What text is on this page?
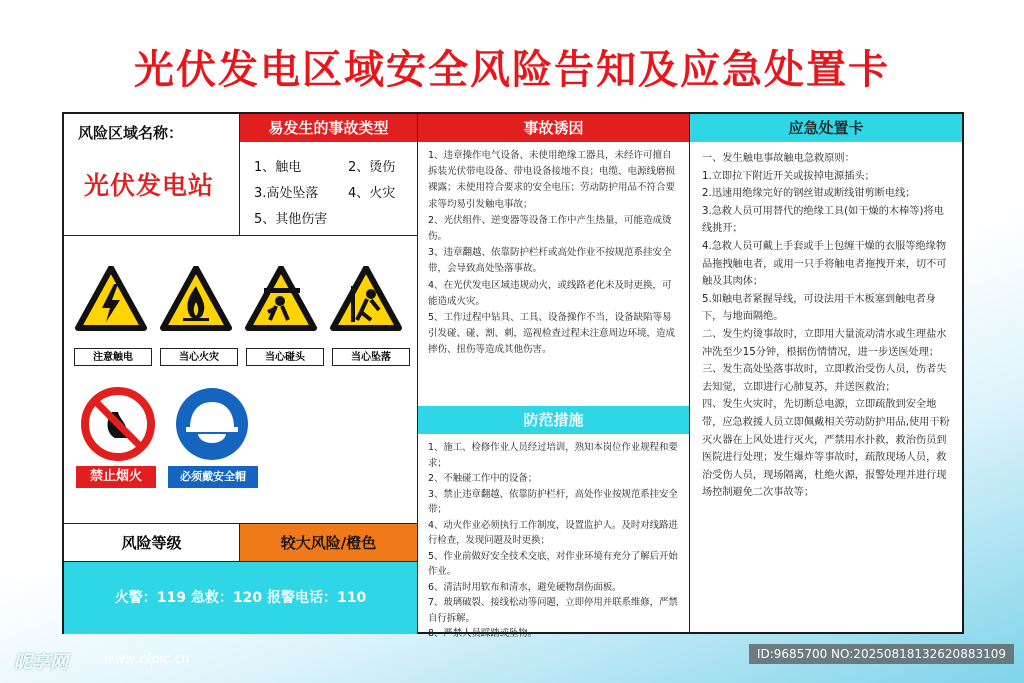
光伏发电区域安全风险告知及应急处置卡
风险区域名称：
光伏发电站
易发生的事故类型
1、触电	2、烫伤
3.高处坠落 4、火灾
5、其他伤害
注意触电	当心火灾	当心碰头	当心坠落
禁止烟火	必须戴安全帽
风险等级	较大风险/橙色
火警：119 急救：120 报警电话：110
事故诱因
1、违章操作电气设备、未使用绝缘工器具，未经许可擅自拆装光伏带电设备、带电设备接地不良；电缆、电源线磨损裸露；未使用符合要求的安全电压；劳动防护用品不符合要求等均易引发触电事故；
2、光伏组件、逆变器等设备工作中产生热量，可能造成烫伤。
3、违章翻越、依靠防护栏杆或高处作业不按规范系挂安全带，会导致高处坠落事故。
4、在光伏发电区域违规动火，或线路老化未及时更换，可能造成火灾。
5、工作过程中钻具、工具、设备操作不当，设备缺陷等易引发碰、碰、割、刺，巡视检查过程未注意周边环境，造成摔伤、扭伤等造成其他伤害。
防范措施
1、施工、检修作业人员经过培训，熟知本岗位作业规程和要求；
2、不触碰工作中的设备；
3、禁止违章翻越、依靠防护栏杆，高处作业按规范系挂安全带；
4、动火作业必须执行工作制度，设置监护人。及时对线路进行检查，发现问题及时更换；
5、作业前做好安全技术交底，对作业环境有充分了解后开始作业。
6、清洁时用软布和清水，避免硬物刮伤面板。
7、玻璃破裂、接线松动等问题，立即停用并联系维修，严禁自行拆解。
8、严禁人员踩踏或坠物。
应急处置卡
一、发生触电事故触电急救原则：
1.立即拉下附近开关或拔掉电源插头；
2.迅速用绝缘完好的钢丝钳或断线钳剪断电线；
3.急救人员可用替代的绝缘工具(如干燥的木棒等)将电线挑开；
4.急救人员可戴上手套或手上包缠干燥的衣服等绝缘物品拖拽触电者，或用一只手将触电者拖拽开来，切不可触及其肉体；
5.如触电者紧握导线，可设法用干木板塞到触电者身下，与地面隔绝。
二、发生灼烫事故时，立即用大量流动清水或生理盐水冲洗至少15分钟，根据伤情情况，进一步送医处理；
三、发生高处坠落事故时，立即救治受伤人员，伤者失去知觉，立即进行心肺复苏，并送医救治；
四、发生火灾时，先切断总电源，立即疏散到安全地带，应急救援人员立即佩戴相关劳动防护用品,使用干粉灭火器在上风处进行灭火，严禁用水扑救，救治伤员到医院进行处理；发生爆炸等事故时，疏散现场人员，救治受伤人员，现场隔离，杜绝火源，报警处理并进行现场控制避免二次事故等；
昵享网	www.nipic.cn	ID:9685700 NO:20250818132620883109
